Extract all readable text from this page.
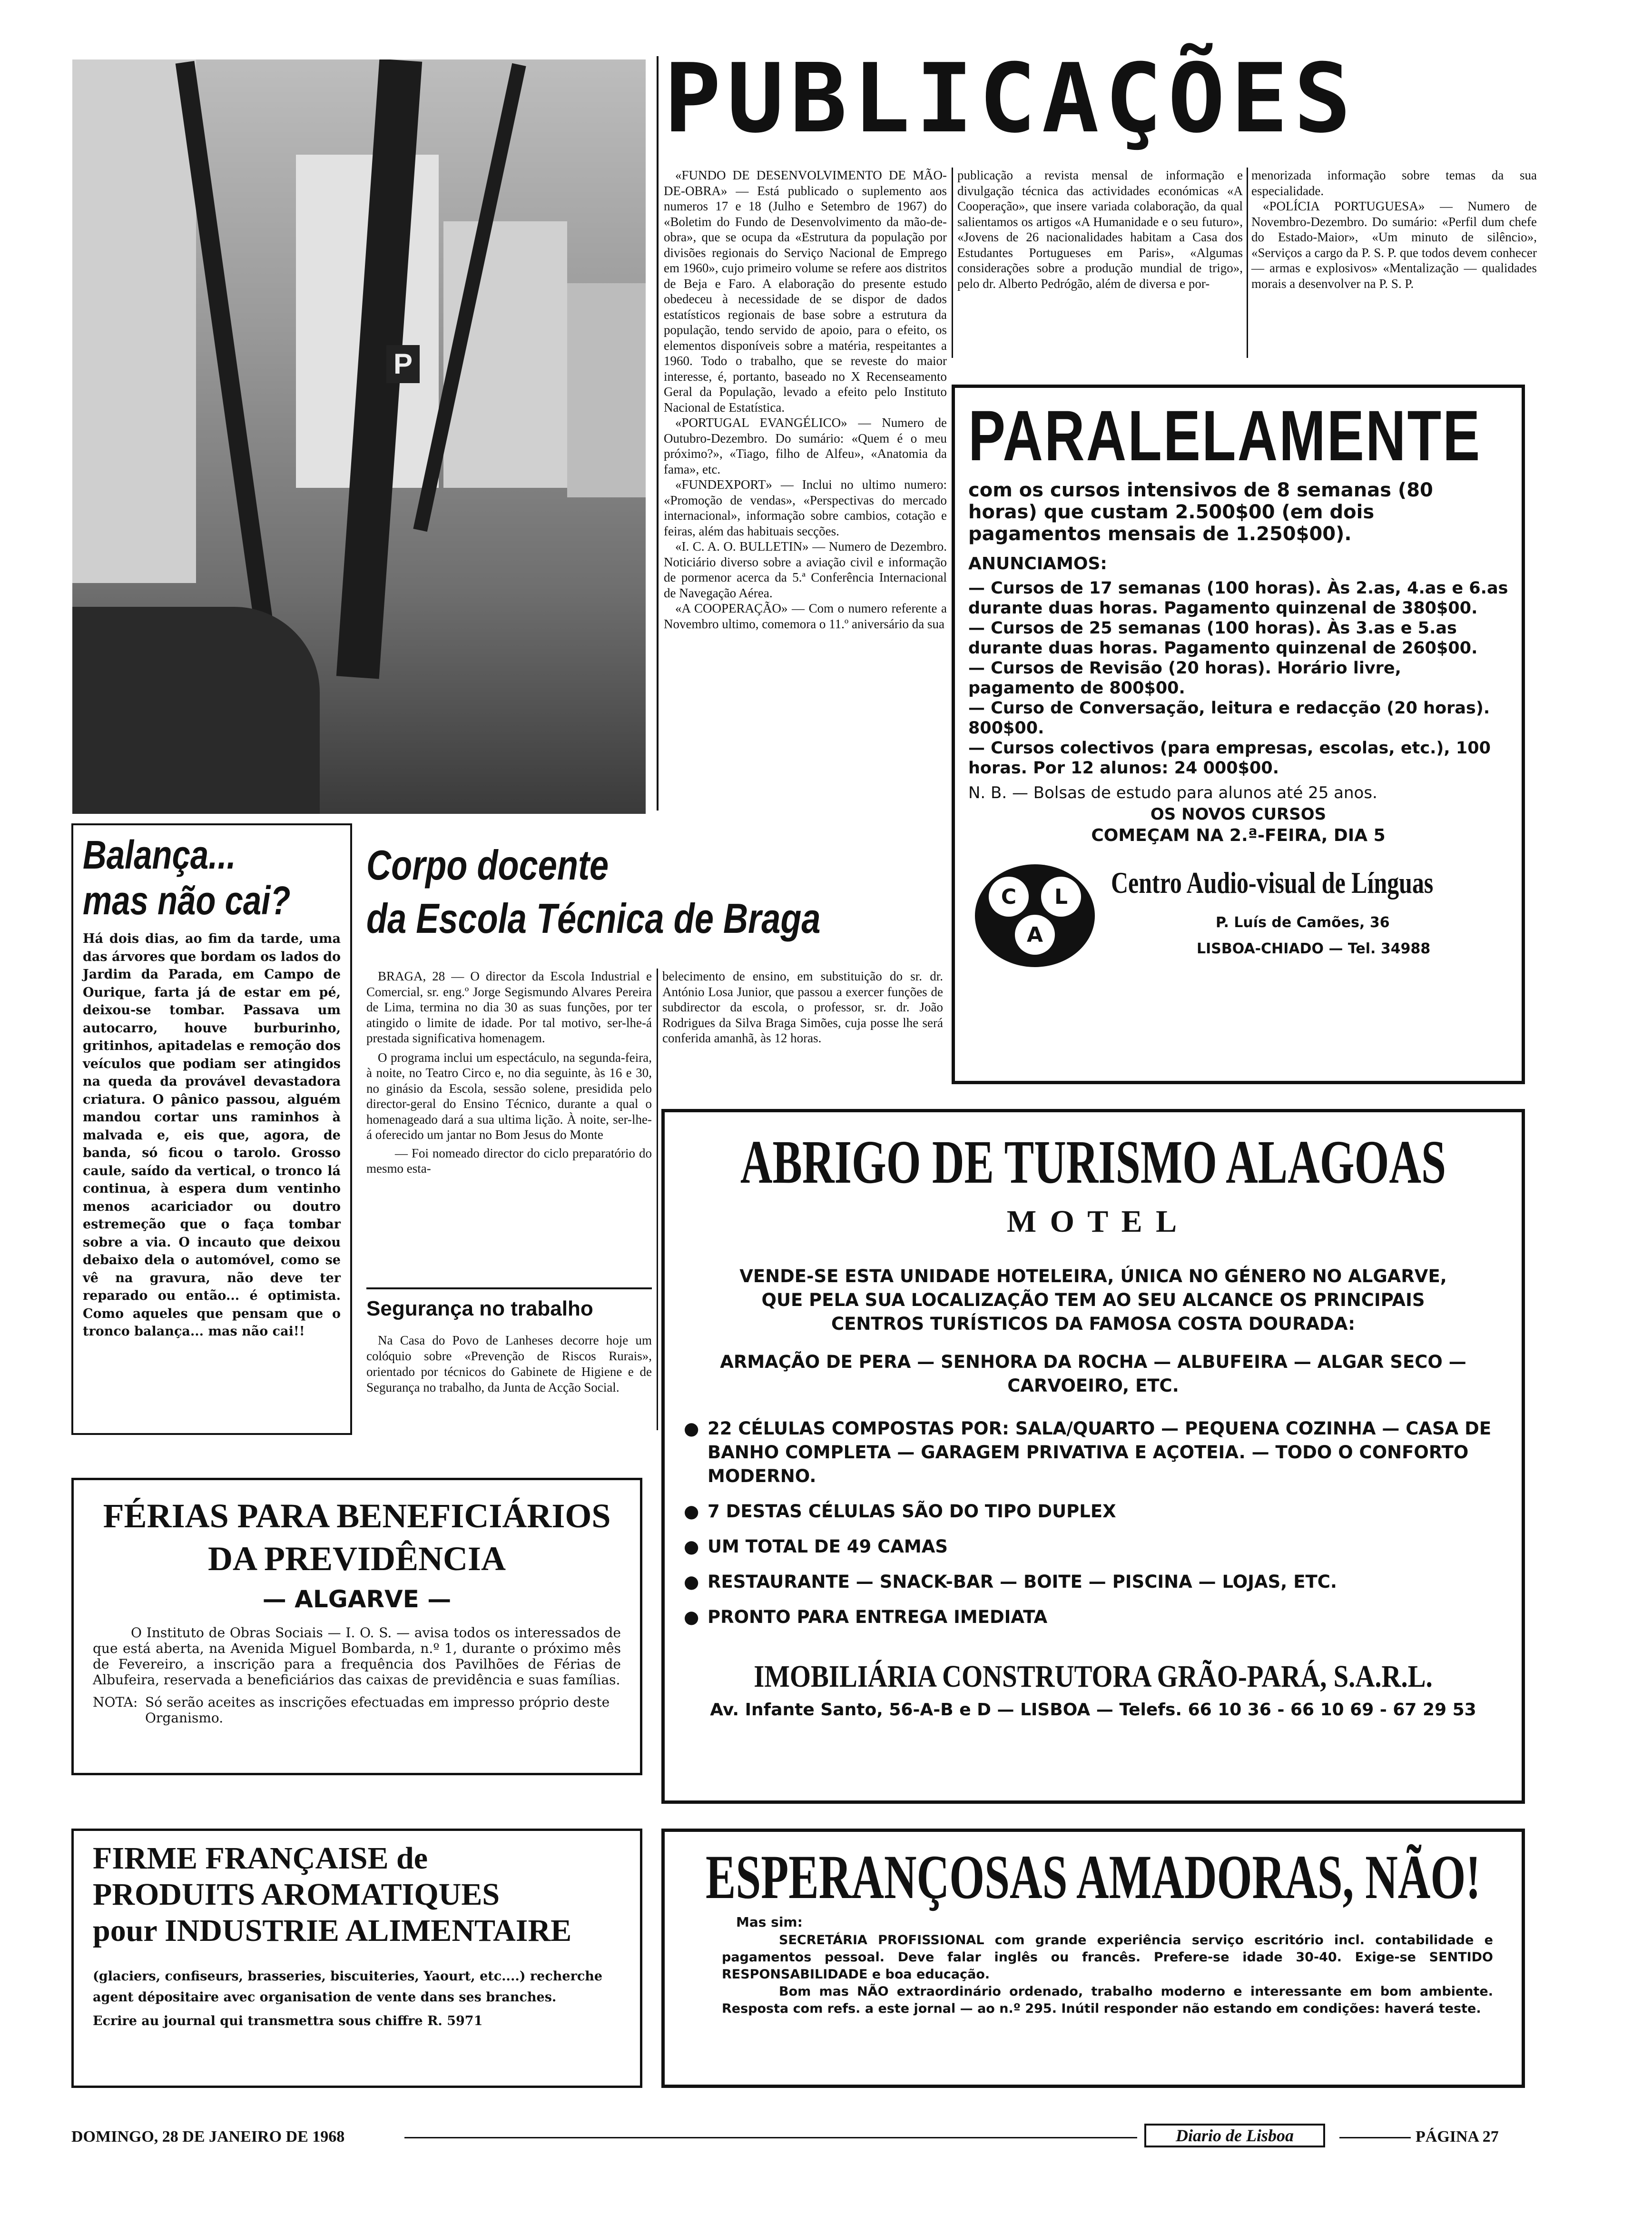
P
PUBLICAÇÕES

«FUNDO DE DESENVOLVIMENTO DE MÃO-DE-OBRA» — Está publicado o suplemento aos numeros 17 e 18 (Julho e Setembro de 1967) do «Boletim do Fundo de Desenvolvimento da mão-de-obra», que se ocupa da «Estrutura da população por divisões regionais do Serviço Nacional de Emprego em 1960», cujo primeiro volume se refere aos distritos de Beja e Faro. A elaboração do presente estudo obedeceu à necessidade de se dispor de dados estatísticos regionais de base sobre a estrutura da população, tendo servido de apoio, para o efeito, os elementos disponíveis sobre a matéria, respeitantes a 1960. Todo o trabalho, que se reveste do maior interesse, é, portanto, baseado no X Recenseamento Geral da População, levado a efeito pelo Instituto Nacional de Estatística.

«PORTUGAL EVANGÉLICO» — Numero de Outubro-Dezembro. Do sumário: «Quem é o meu próximo?», «Tiago, filho de Alfeu», «Anatomia da fama», etc.

«FUNDEXPORT» — Inclui no ultimo numero: «Promoção de vendas», «Perspectivas do mercado internacional», informação sobre cambios, cotação e feiras, além das habituais secções.

«I. C. A. O. BULLETIN» — Numero de Dezembro. Noticiário diverso sobre a aviação civil e informação de pormenor acerca da 5.ª Conferência Internacional de Navegação Aérea.

«A COOPERAÇÃO» — Com o numero referente a Novembro ultimo, comemora o 11.º aniversário da sua

publicação a revista mensal de informação e divulgação técnica das actividades económicas «A Cooperação», que insere variada colaboração, da qual salientamos os artigos «A Humanidade e o seu futuro», «Jovens de 26 nacionalidades habitam a Casa dos Estudantes Portugueses em Paris», «Algumas considerações sobre a produção mundial de trigo», pelo dr. Alberto Pedrógão, além de diversa e por-

menorizada informação sobre temas da sua especialidade.

«POLÍCIA PORTUGUESA» — Numero de Novembro-Dezembro. Do sumário: «Perfil dum chefe do Estado-Maior», «Um minuto de silêncio», «Serviços a cargo da P. S. P. que todos devem conhecer — armas e explosivos» «Mentalização — qualidades morais a desenvolver na P. S. P.

PARALELAMENTE
com os cursos intensivos de 8 semanas (80 horas) que custam 2.500$00 (em dois pagamentos mensais de 1.250$00).
ANUNCIAMOS:

— Cursos de 17 semanas (100 horas). Às 2.as, 4.as e 6.as durante duas horas. Pagamento quinzenal de 380$00.

— Cursos de 25 semanas (100 horas). Às 3.as e 5.as durante duas horas. Pagamento quinzenal de 260$00.

— Cursos de Revisão (20 horas). Horário livre, pagamento de 800$00.

— Curso de Conversação, leitura e redacção (20 horas). 800$00.

— Cursos colectivos (para empresas, escolas, etc.), 100 horas. Por 12 alunos: 24 000$00.

N. B. — Bolsas de estudo para alunos até 25 anos.
OS NOVOS CURSOS
COMEÇAM NA 2.ª-FEIRA, DIA 5
C L
A
Centro Audio-visual de Línguas
P. Luís de Camões, 36
LISBOA-CHIADO — Tel. 34988
Balança...
mas não cai?
Há dois dias, ao fim da tarde, uma das árvores que bordam os lados do Jardim da Parada, em Campo de Ourique, farta já de estar em pé, deixou-se tombar. Passava um autocarro, houve burburinho, gritinhos, apitadelas e remoção dos veículos que podiam ser atingidos na queda da provável devastadora criatura. O pânico passou, alguém mandou cortar uns raminhos à malvada e, eis que, agora, de banda, só ficou o tarolo. Grosso caule, saído da vertical, o tronco lá continua, à espera dum ventinho menos acariciador ou doutro estremeção que o faça tombar sobre a via. O incauto que deixou debaixo dela o automóvel, como se vê na gravura, não deve ter reparado ou então... é optimista. Como aqueles que pensam que o tronco balança... mas não cai!!
Corpo docente
da Escola Técnica de Braga

BRAGA, 28 — O director da Escola Industrial e Comercial, sr. eng.º Jorge Segismundo Alvares Pereira de Lima, termina no dia 30 as suas funções, por ter atingido o limite de idade. Por tal motivo, ser-lhe-á prestada significativa homenagem.

O programa inclui um espectáculo, na segunda-feira, à noite, no Teatro Circo e, no dia seguinte, às 16 e 30, no ginásio da Escola, sessão solene, presidida pelo director-geral do Ensino Técnico, durante a qual o homenageado dará a sua ultima lição. À noite, ser-lhe-á oferecido um jantar no Bom Jesus do Monte

— Foi nomeado director do ciclo preparatório do mesmo esta-

belecimento de ensino, em substituição do sr. dr. António Losa Junior, que passou a exercer funções de subdirector da escola, o professor, sr. dr. João Rodrigues da Silva Braga Simões, cuja posse lhe será conferida amanhã, às 12 horas.
Segurança no trabalho
Na Casa do Povo de Lanheses decorre hoje um colóquio sobre «Prevenção de Riscos Rurais», orientado por técnicos do Gabinete de Higiene e de Segurança no trabalho, da Junta de Acção Social.
ABRIGO DE TURISMO ALAGOAS
M O T E L
VENDE-SE ESTA UNIDADE HOTELEIRA, ÚNICA NO GÉNERO NO ALGARVE, QUE PELA SUA LOCALIZAÇÃO TEM AO SEU ALCANCE OS PRINCIPAIS CENTROS TURÍSTICOS DA FAMOSA COSTA DOURADA:
ARMAÇÃO DE PERA — SENHORA DA ROCHA — ALBUFEIRA — ALGAR SECO — CARVOEIRO, ETC.
● 22 CÉLULAS COMPOSTAS POR: SALA/QUARTO — PEQUENA COZINHA — CASA DE BANHO COMPLETA — GARAGEM PRIVATIVA E AÇOTEIA. — TODO O CONFORTO MODERNO.
● 7 DESTAS CÉLULAS SÃO DO TIPO DUPLEX
● UM TOTAL DE 49 CAMAS
● RESTAURANTE — SNACK-BAR — BOITE — PISCINA — LOJAS, ETC.
● PRONTO PARA ENTREGA IMEDIATA
IMOBILIÁRIA CONSTRUTORA GRÃO-PARÁ, S.A.R.L.
Av. Infante Santo, 56-A-B e D — LISBOA — Telefs. 66 10 36 - 66 10 69 - 67 29 53
FÉRIAS PARA BENEFICIÁRIOS
DA PREVIDÊNCIA
— ALGARVE —
O Instituto de Obras Sociais — I. O. S. — avisa todos os interessados de que está aberta, na Avenida Miguel Bombarda, n.º 1, durante o próximo mês de Fevereiro, a inscrição para a frequência dos Pavilhões de Férias de Albufeira, reservada a beneficiários das caixas de previdência e suas famílias.
NOTA: Só serão aceites as inscrições efectuadas em impresso próprio deste Organismo.
FIRME FRANÇAISE de
PRODUITS AROMATIQUES
pour INDUSTRIE ALIMENTAIRE
(glaciers, confiseurs, brasseries, biscuiteries, Yaourt, etc....) recherche agent dépositaire avec organisation de vente dans ses branches.
Ecrire au journal qui transmettra sous chiffre R. 5971
ESPERANÇOSAS AMADORAS, NÃO!
Mas sim:
SECRETÁRIA PROFISSIONAL com grande experiência serviço escritório incl. contabilidade e pagamentos pessoal. Deve falar inglês ou francês. Prefere-se idade 30-40. Exige-se SENTIDO RESPONSABILIDADE e boa educação.
Bom mas NÃO extraordinário ordenado, trabalho moderno e interessante em bom ambiente. Resposta com refs. a este jornal — ao n.º 295. Inútil responder não estando em condições: haverá teste.
DOMINGO, 28 DE JANEIRO DE 1968	Diario de Lisboa	PÁGINA 27
